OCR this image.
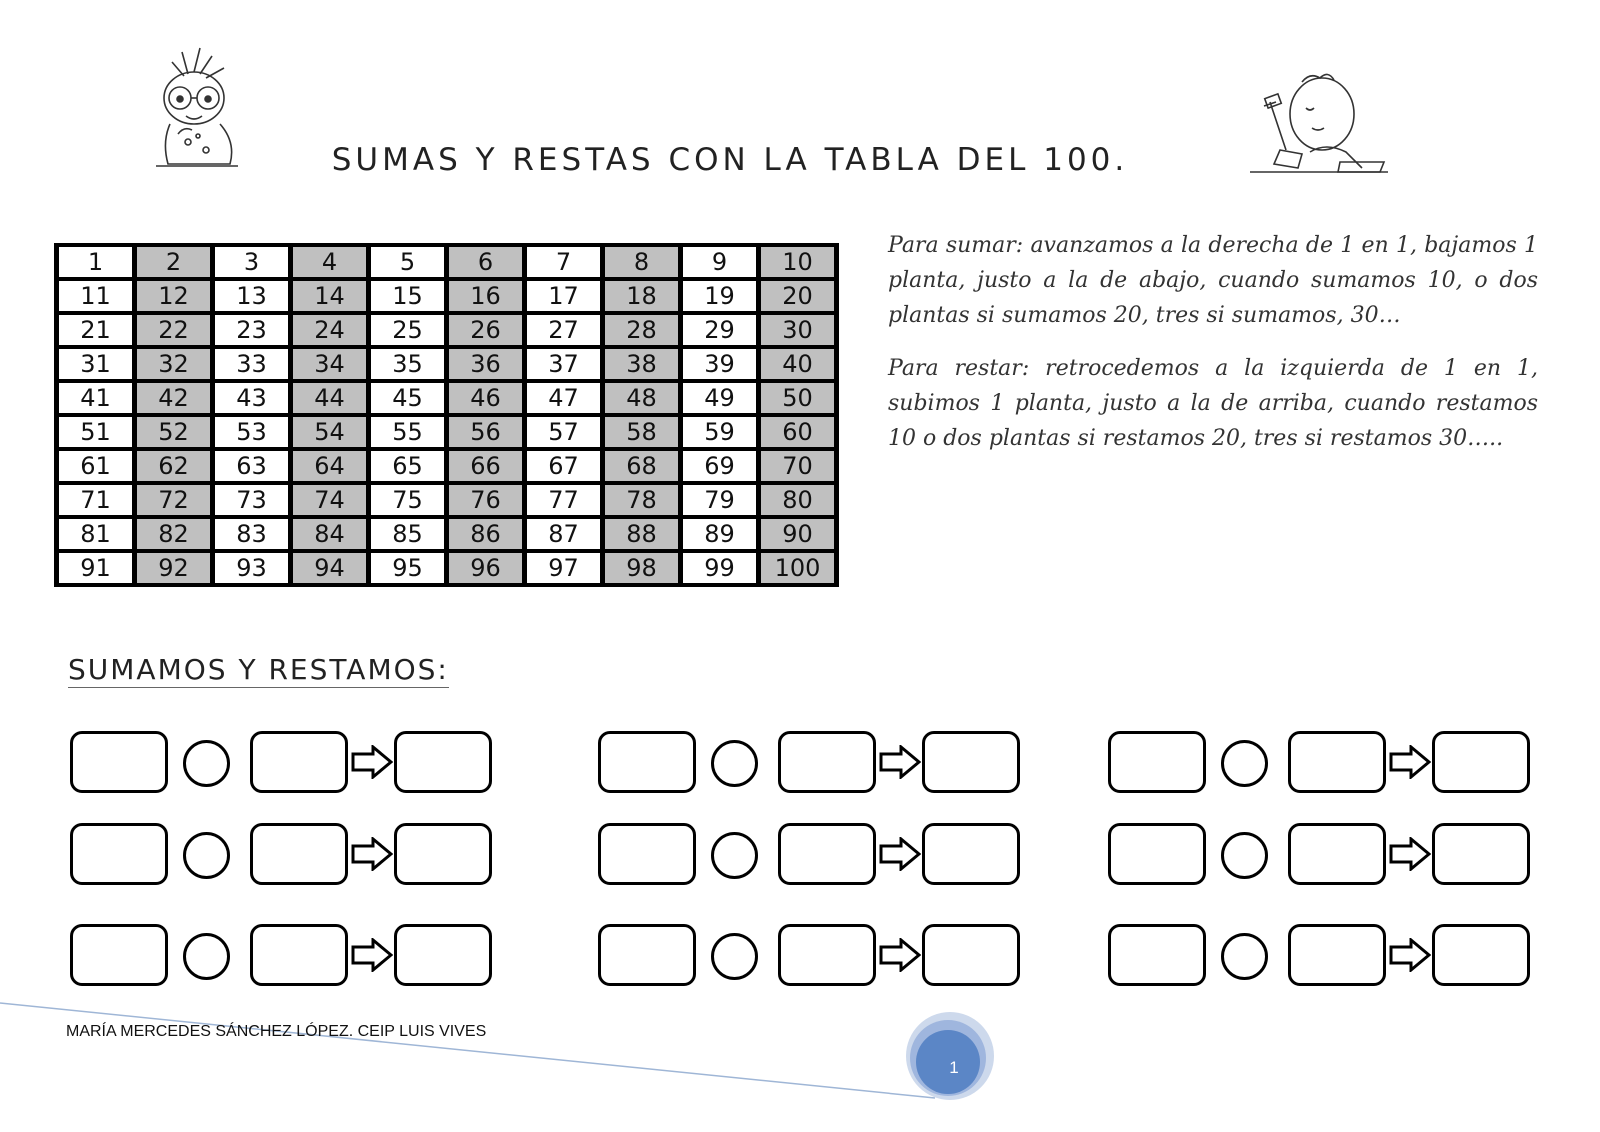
SUMAS Y RESTAS CON LA TABLA DEL 100.
1	2	3	4	5	6	7	8	9	10
11	12	13	14	15	16	17	18	19	20
21	22	23	24	25	26	27	28	29	30
31	32	33	34	35	36	37	38	39	40
41	42	43	44	45	46	47	48	49	50
51	52	53	54	55	56	57	58	59	60
61	62	63	64	65	66	67	68	69	70
71	72	73	74	75	76	77	78	79	80
81	82	83	84	85	86	87	88	89	90
91	92	93	94	95	96	97	98	99	100

Para sumar: avanzamos a la derecha de 1 en 1, bajamos 1 planta, justo a la de abajo, cuando sumamos 10, o dos plantas si sumamos 20, tres si sumamos, 30…

Para restar: retrocedemos a la izquierda de 1 en 1, subimos 1 planta, justo a la de arriba, cuando restamos 10 o dos plantas si restamos 20, tres si restamos 30…..

SUMAMOS Y RESTAMOS:
MARÍA MERCEDES SÁNCHEZ LÓPEZ. CEIP LUIS VIVES
1
